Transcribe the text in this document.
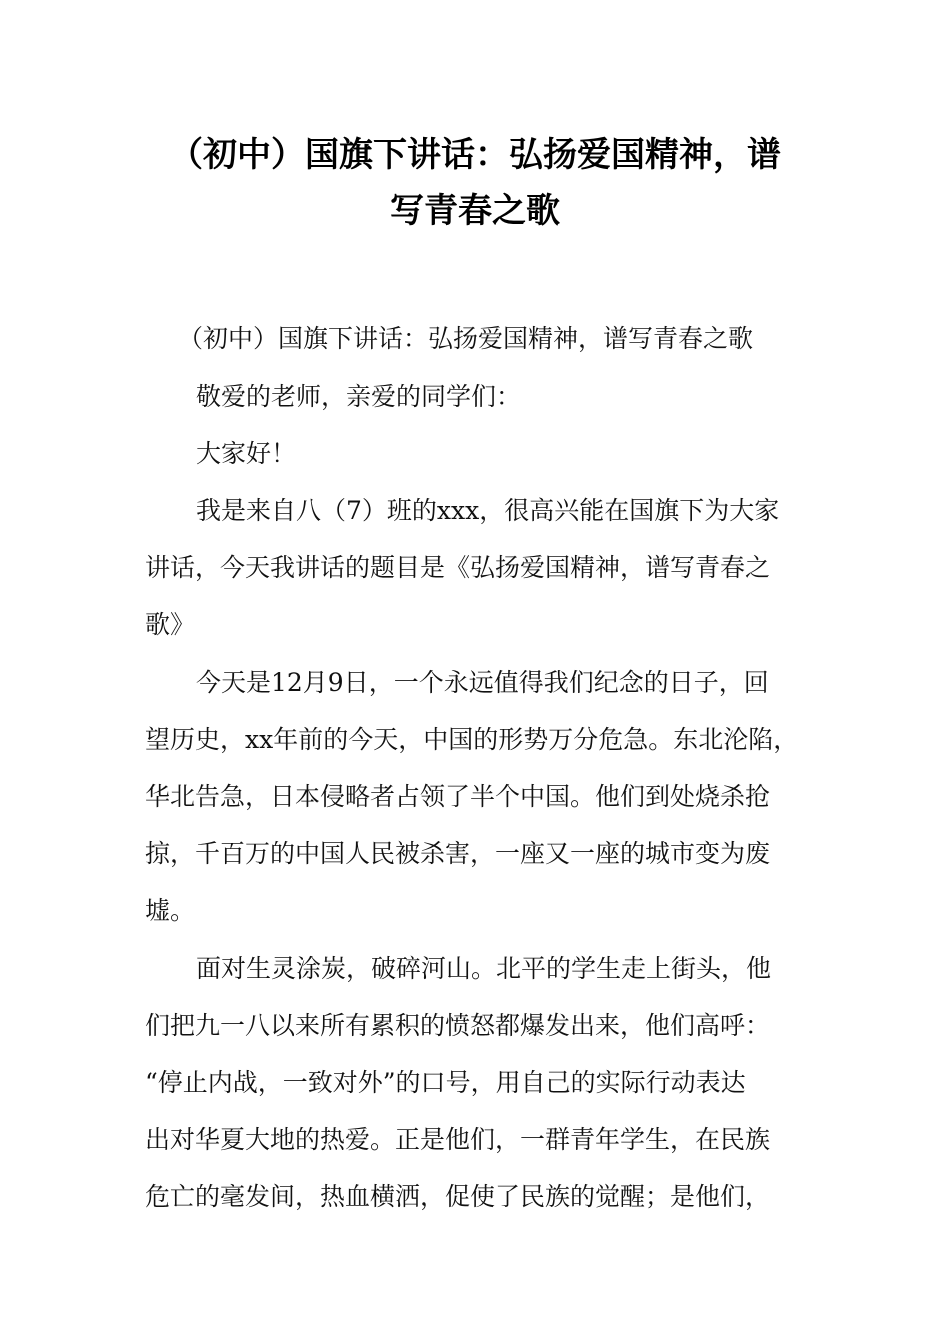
（初中）国旗下讲话：弘扬爱国精神，谱
写青春之歌
（初中）国旗下讲话：弘扬爱国精神，谱写青春之歌
敬爱的老师，亲爱的同学们：
大家好！
我是来自八（7）班的xxx，很高兴能在国旗下为大家
讲话，今天我讲话的题目是《弘扬爱国精神，谱写青春之
歌》
今天是12月9日，一个永远值得我们纪念的日子，回
望历史，xx年前的今天，中国的形势万分危急。东北沦陷，
华北告急，日本侵略者占领了半个中国。他们到处烧杀抢
掠，千百万的中国人民被杀害，一座又一座的城市变为废
墟。
面对生灵涂炭，破碎河山。北平的学生走上街头，他
们把九一八以来所有累积的愤怒都爆发出来，他们高呼：
“停止内战，一致对外”的口号，用自己的实际行动表达
出对华夏大地的热爱。正是他们，一群青年学生，在民族
危亡的毫发间，热血横洒，促使了民族的觉醒；是他们，
